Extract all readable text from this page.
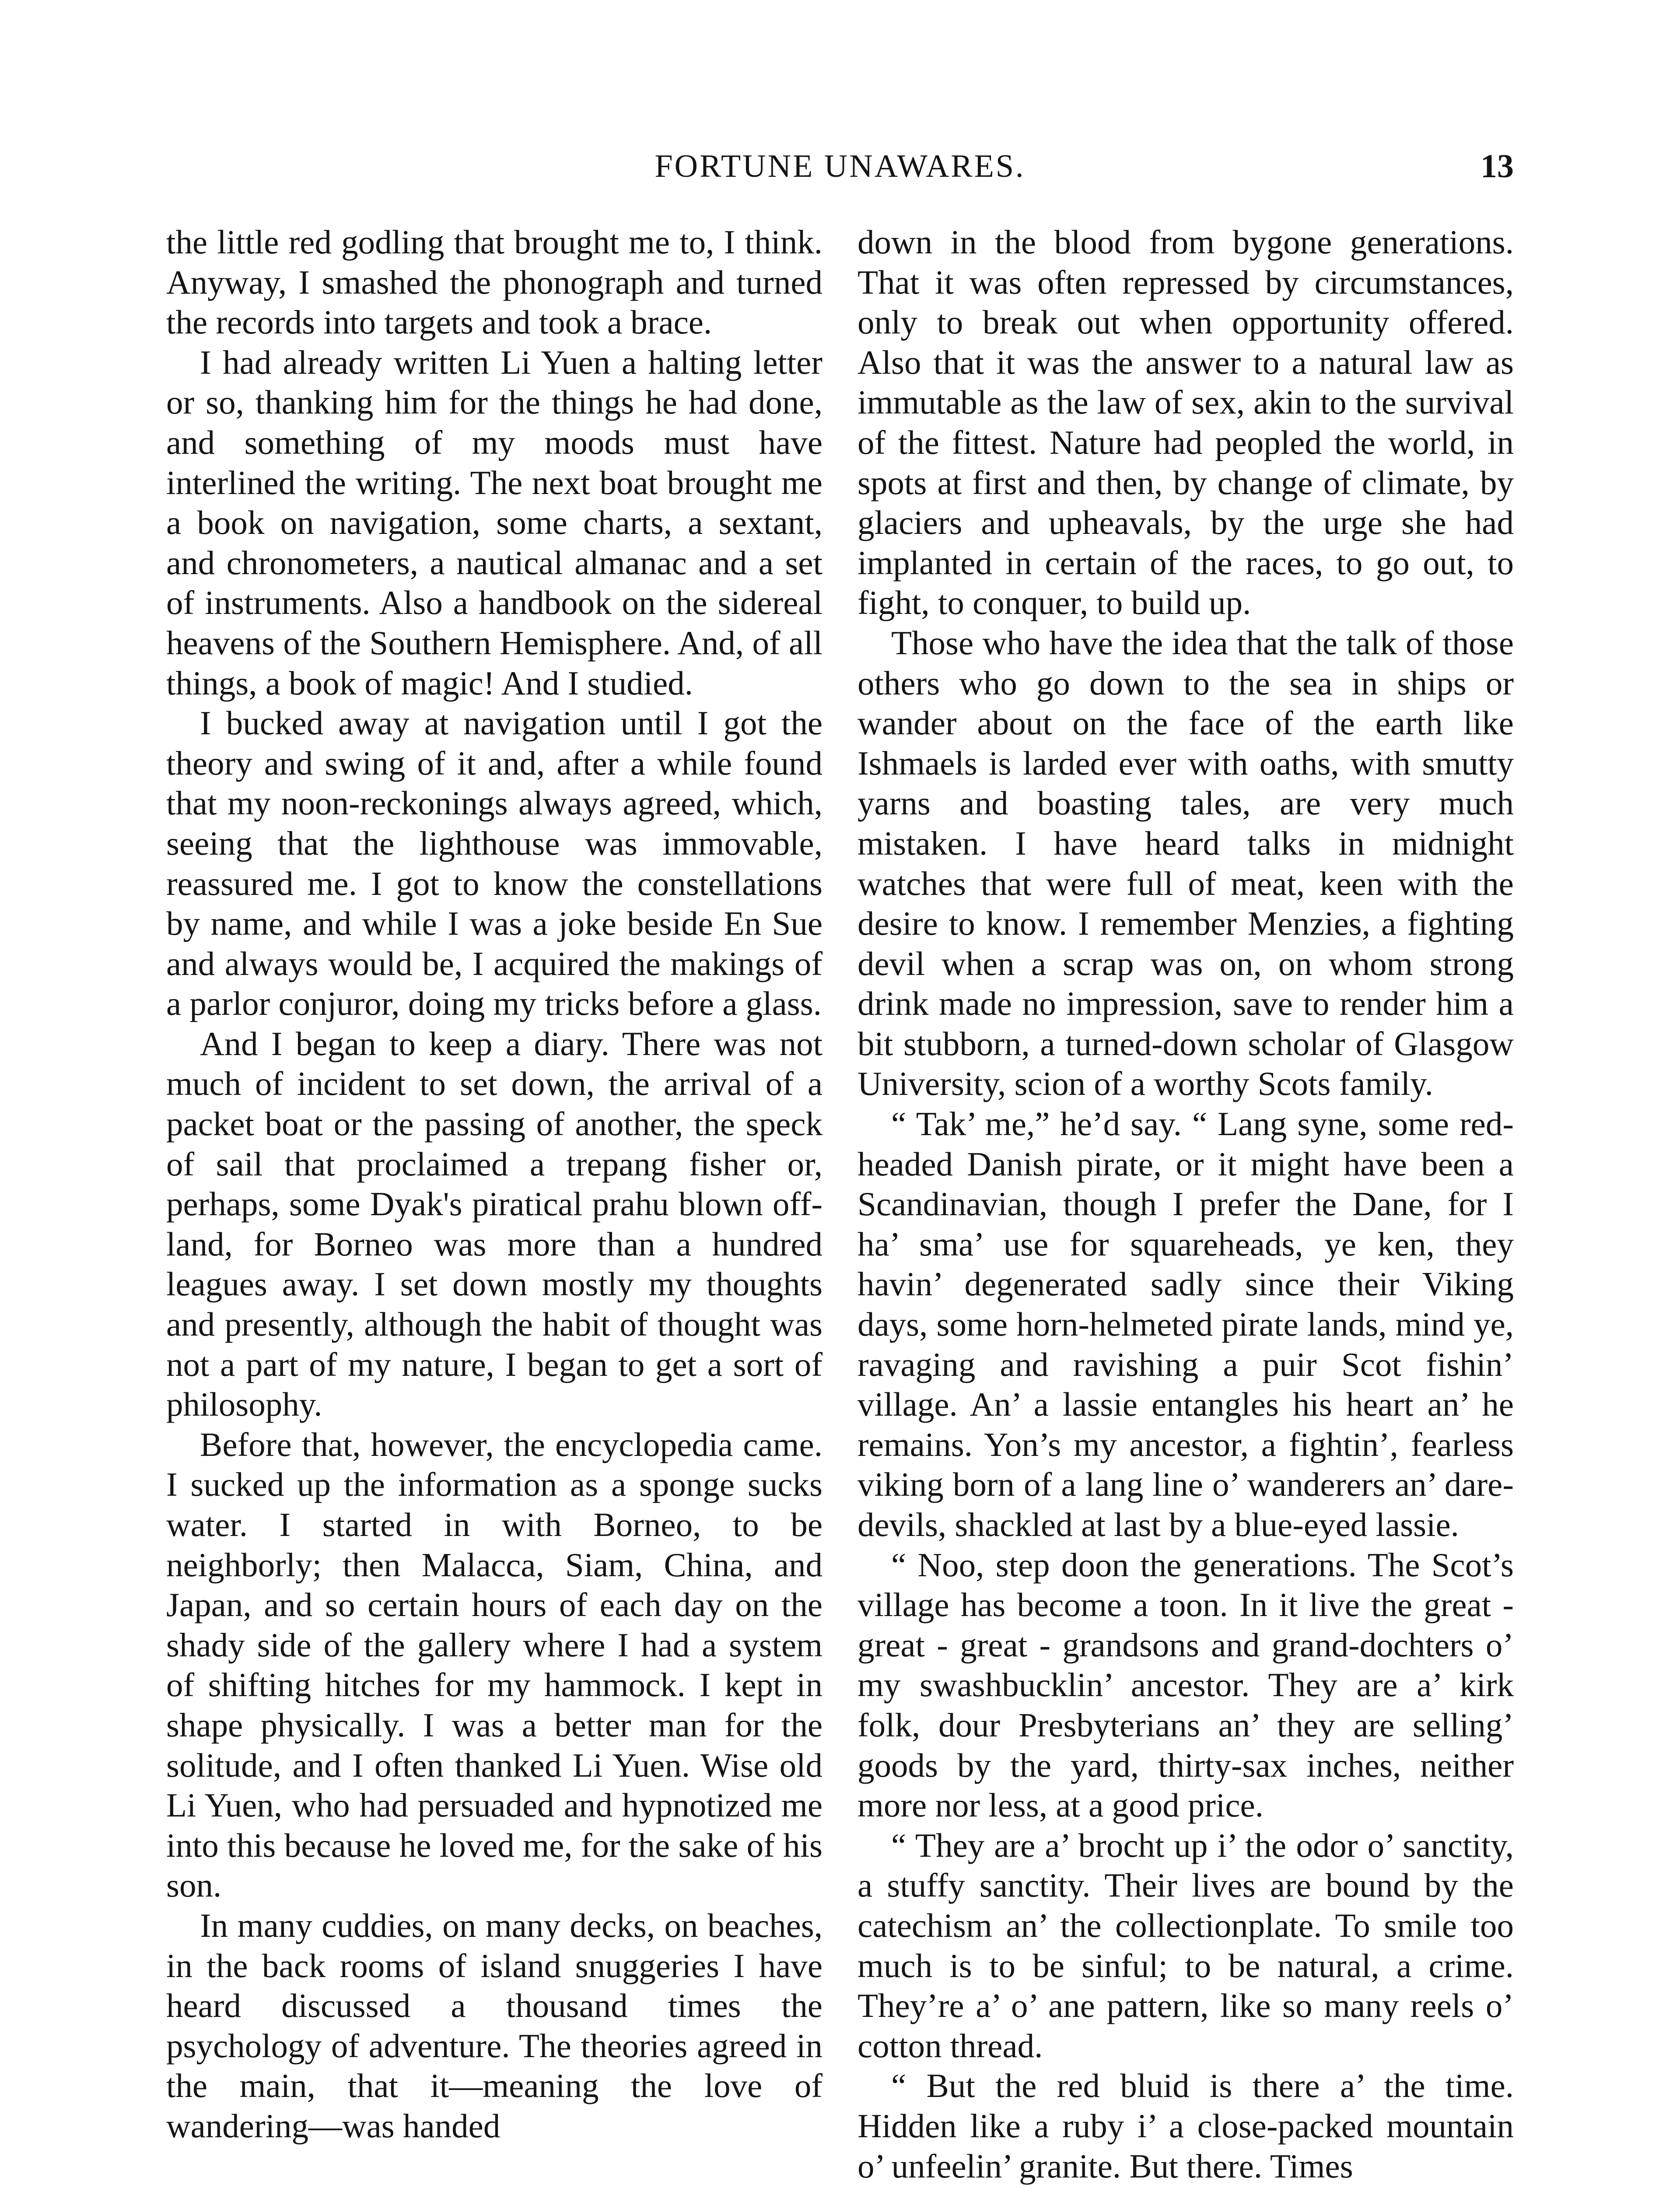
FORTUNE UNAWARES.	13

the little red godling that brought me to, I think. Anyway, I smashed the phonograph and turned the records into targets and took a brace.

I had already written Li Yuen a halting letter or so, thanking him for the things he had done, and something of my moods must have interlined the writing. The next boat brought me a book on navigation, some charts, a sextant, and chronometers, a nautical almanac and a set of instruments. Also a handbook on the sidereal heavens of the Southern Hemisphere. And, of all things, a book of magic! And I studied.

I bucked away at navigation until I got the theory and swing of it and, after a while found that my noon-reckonings always agreed, which, seeing that the lighthouse was immovable, reassured me. I got to know the constellations by name, and while I was a joke beside En Sue and always would be, I acquired the makings of a parlor conjuror, doing my tricks before a glass.

And I began to keep a diary. There was not much of incident to set down, the arrival of a packet boat or the passing of another, the speck of sail that proclaimed a trepang fisher or, perhaps, some Dyak's piratical prahu blown off-land, for Borneo was more than a hundred leagues away. I set down mostly my thoughts and presently, although the habit of thought was not a part of my nature, I began to get a sort of philosophy.

Before that, however, the encyclopedia came. I sucked up the information as a sponge sucks water. I started in with Borneo, to be neighborly; then Malacca, Siam, China, and Japan, and so certain hours of each day on the shady side of the gallery where I had a system of shifting hitches for my hammock. I kept in shape physically. I was a better man for the solitude, and I often thanked Li Yuen. Wise old Li Yuen, who had persuaded and hypnotized me into this because he loved me, for the sake of his son.

In many cuddies, on many decks, on beaches, in the back rooms of island snuggeries I have heard discussed a thousand times the psychology of adventure. The theories agreed in the main, that it—meaning the love of wandering—was handed

down in the blood from bygone generations. That it was often repressed by circumstances, only to break out when opportunity offered. Also that it was the answer to a natural law as immutable as the law of sex, akin to the survival of the fittest. Nature had peopled the world, in spots at first and then, by change of climate, by glaciers and upheavals, by the urge she had implanted in certain of the races, to go out, to fight, to conquer, to build up.

Those who have the idea that the talk of those others who go down to the sea in ships or wander about on the face of the earth like Ishmaels is larded ever with oaths, with smutty yarns and boasting tales, are very much mistaken. I have heard talks in midnight watches that were full of meat, keen with the desire to know. I remember Menzies, a fighting devil when a scrap was on, on whom strong drink made no impression, save to render him a bit stubborn, a turned-down scholar of Glasgow University, scion of a worthy Scots family.

“ Tak’ me,” he’d say. “ Lang syne, some red-headed Danish pirate, or it might have been a Scandinavian, though I prefer the Dane, for I ha’ sma’ use for squareheads, ye ken, they havin’ degenerated sadly since their Viking days, some horn-helmeted pirate lands, mind ye, ravaging and ravishing a puir Scot fishin’ village. An’ a lassie entangles his heart an’ he remains. Yon’s my ancestor, a fightin’, fearless viking born of a lang line o’ wanderers an’ daredevils, shackled at last by a blue-eyed lassie.

“ Noo, step doon the generations. The Scot’s village has become a toon. In it live the great - great - great - grandsons and grand-dochters o’ my swashbucklin’ ancestor. They are a’ kirk folk, dour Presbyterians an’ they are selling’ goods by the yard, thirty-sax inches, neither more nor less, at a good price.

“ They are a’ brocht up i’ the odor o’ sanctity, a stuffy sanctity. Their lives are bound by the catechism an’ the collectionplate. To smile too much is to be sinful; to be natural, a crime. They’re a’ o’ ane pattern, like so many reels o’ cotton thread.

“ But the red bluid is there a’ the time. Hidden like a ruby i’ a close-packed mountain o’ unfeelin’ granite. But there. Times
